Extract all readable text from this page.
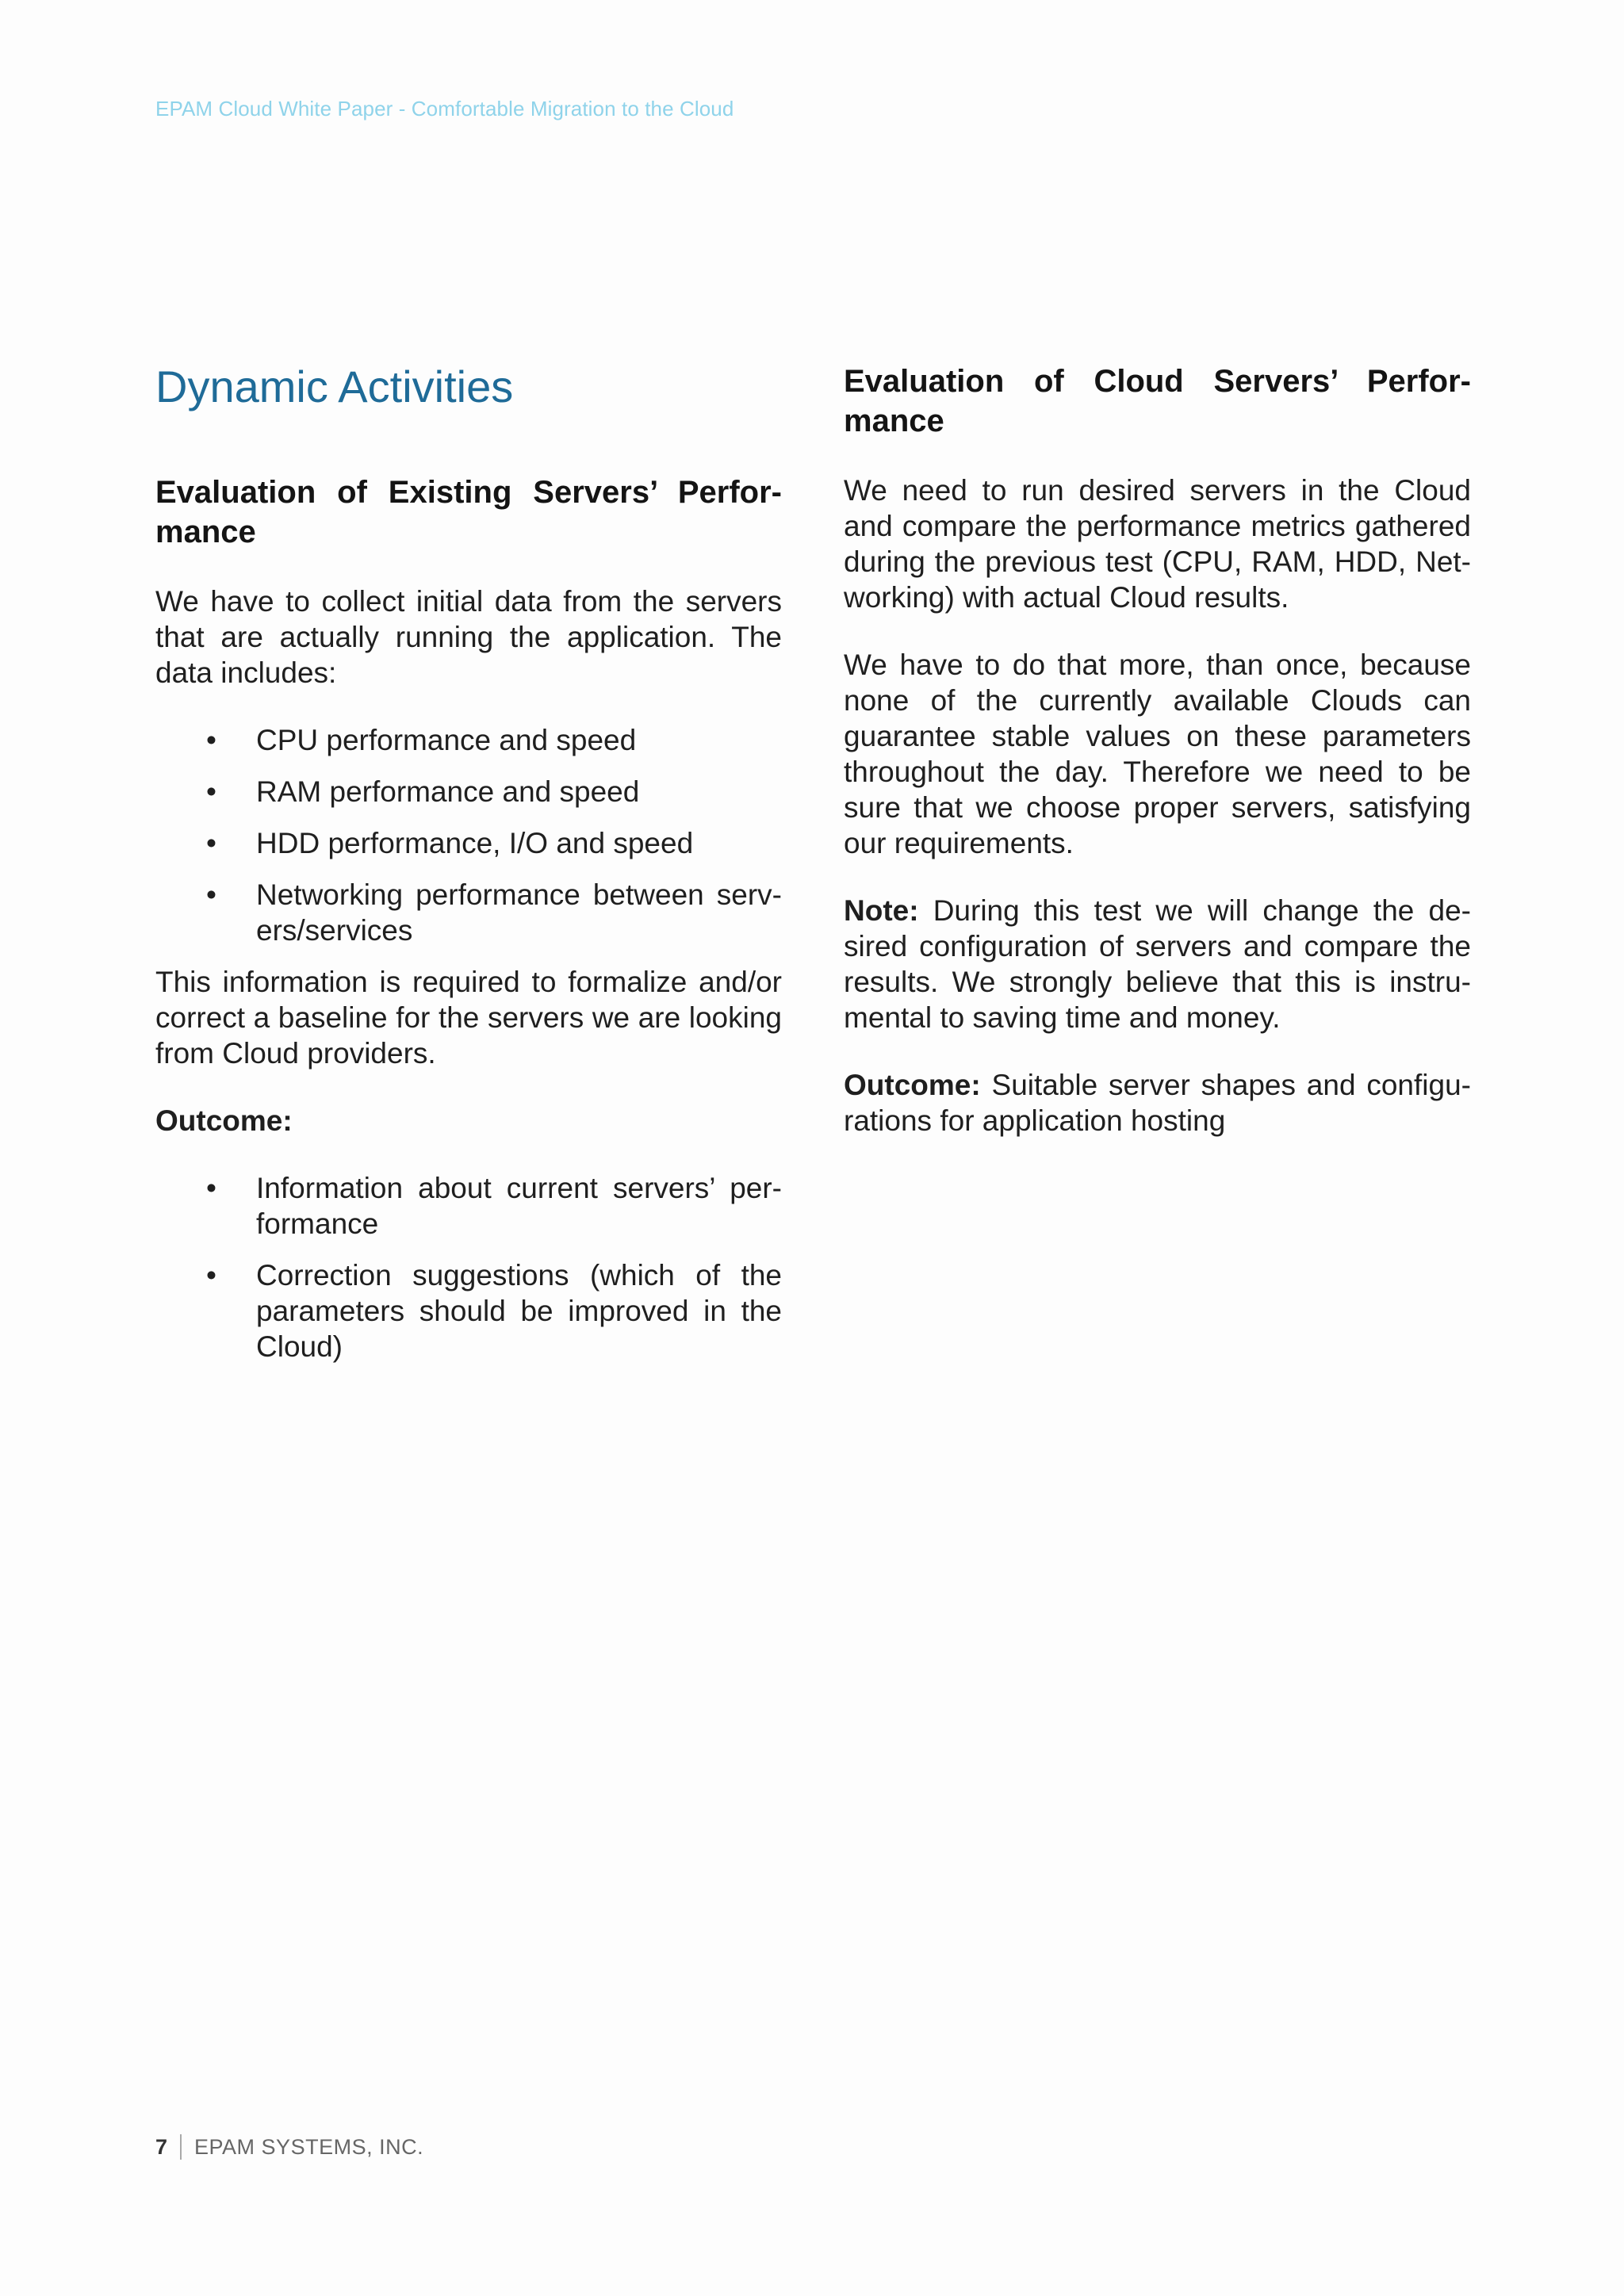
EPAM Cloud White Paper - Comfortable Migration to the Cloud
Dynamic Activities
Evaluation of Existing Servers’ Perfor-mance

We have to collect initial data from the servers that are actually running the application. The data includes:

• CPU performance and speed
• RAM performance and speed
• HDD performance, I/O and speed
• Networking performance between serv-ers/services

This information is required to formalize and/or correct a baseline for the servers we are looking from Cloud providers.

Outcome:

• Information about current servers’ per-formance
• Correction suggestions (which of the parameters should be improved in the Cloud)
Evaluation of Cloud Servers’ Perfor-mance

We need to run desired servers in the Cloud and compare the performance metrics gathered during the previous test (CPU, RAM, HDD, Net-working) with actual Cloud results.

We have to do that more, than once, because none of the currently available Clouds can guarantee stable values on these parameters throughout the day. Therefore we need to be sure that we choose proper servers, satisfying our requirements.

Note: During this test we will change the de-sired configuration of servers and compare the results. We strongly believe that this is instru-mental to saving time and money.

Outcome: Suitable server shapes and configu-rations for application hosting

7 EPAM SYSTEMS, INC.
